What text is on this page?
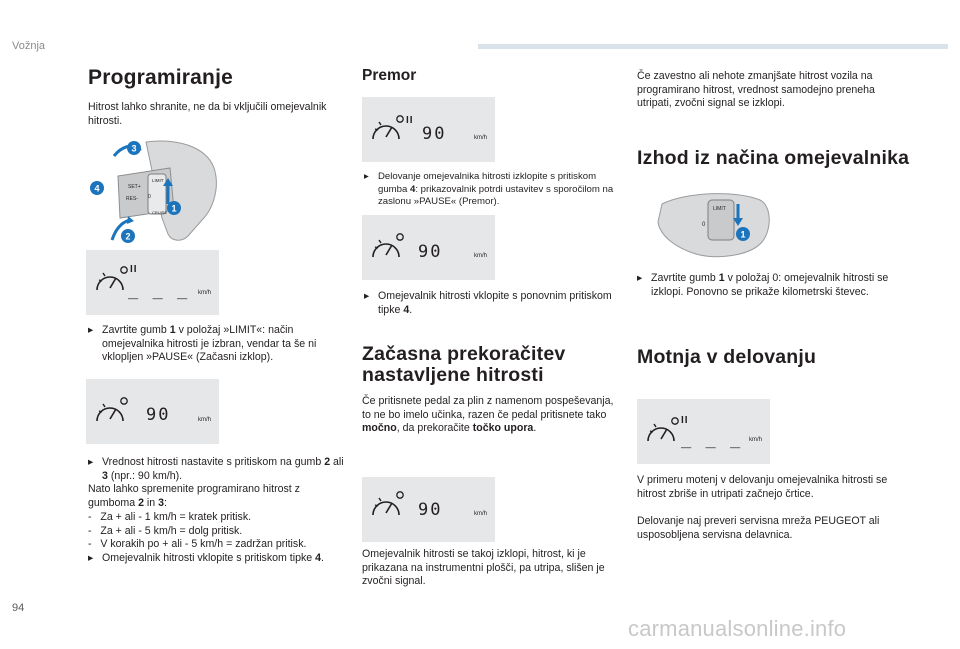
Vožnja
Programiranje
Hitrost lahko shranite, ne da bi vključili omejevalnik hitrosti.
SET+
RES-
LIMIT
0
CRUISE
3
4
1
2
II
_ _ _ km/h
▸ Zavrtite gumb 1 v položaj »LIMIT«: način omejevalnika hitrosti je izbran, vendar ta še ni vklopljen »PAUSE« (Začasni izklop).
90	km/h
▸ Vrednost hitrosti nastavite s pritiskom na gumb 2 ali 3 (npr.: 90 km/h).
Nato lahko spremenite programirano hitrost z gumboma 2 in 3:
-   Za + ali - 1 km/h = kratek pritisk.
-   Za + ali - 5 km/h = dolg pritisk.
-   V korakih po + ali - 5 km/h = zadržan pritisk.
▸ Omejevalnik hitrosti vklopite s pritiskom tipke 4.
Premor
II
90	km/h
▸ Delovanje omejevalnika hitrosti izklopite s pritiskom gumba 4: prikazovalnik potrdi ustavitev s sporočilom na zaslonu »PAUSE« (Premor).
90	km/h
▸ Omejevalnik hitrosti vklopite s ponovnim pritiskom tipke 4.
Začasna prekoračitev
nastavljene hitrosti
Če pritisnete pedal za plin z namenom pospeševanja, to ne bo imelo učinka, razen če pedal pritisnete tako močno, da prekoračite točko upora.
90	km/h
Omejevalnik hitrosti se takoj izklopi, hitrost, ki je prikazana na instrumentni plošči, pa utripa, slišen je zvočni signal.
Če zavestno ali nehote zmanjšate hitrost vozila na programirano hitrost, vrednost samodejno preneha utripati, zvočni signal se izklopi.
Izhod iz načina omejevalnika
LIMIT
0
1
▸ Zavrtite gumb 1 v položaj 0: omejevalnik hitrosti se izklopi. Ponovno se prikaže kilometrski števec.
Motnja v delovanju
II
_ _ _ km/h
V primeru motenj v delovanju omejevalnika hitrosti se hitrost zbriše in utripati začnejo črtice.
Delovanje naj preveri servisna mreža PEUGEOT ali usposobljena servisna delavnica.
94
carmanualsonline.info
